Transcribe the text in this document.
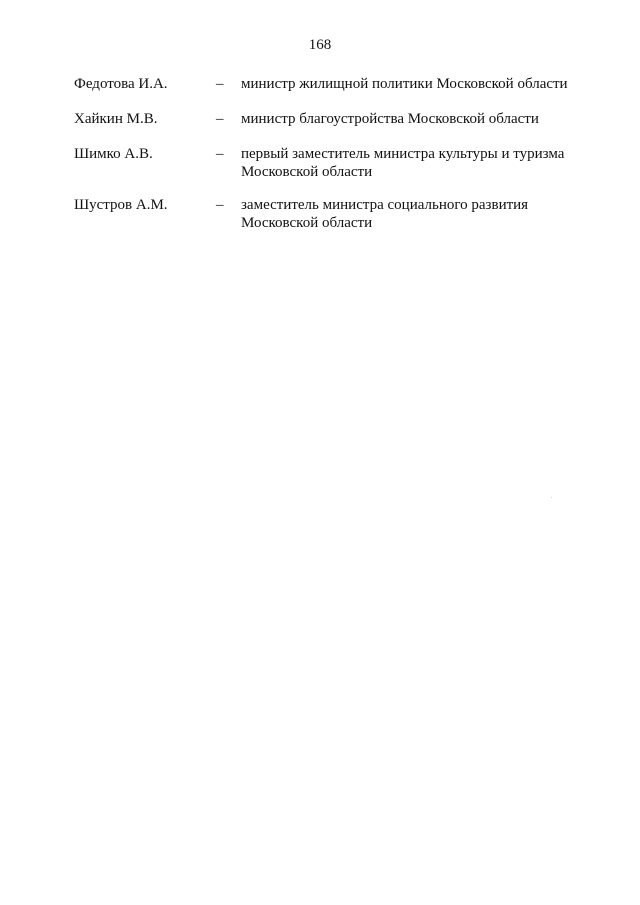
168
Федотова И.А.	– министр жилищной политики Московской области
Хайкин М.В.	– министр благоустройства Московской области
Шимко А.В.	– первый заместитель министра культуры и туризма
Московской области
Шустров А.М.	– заместитель министра социального развития
Московской области
